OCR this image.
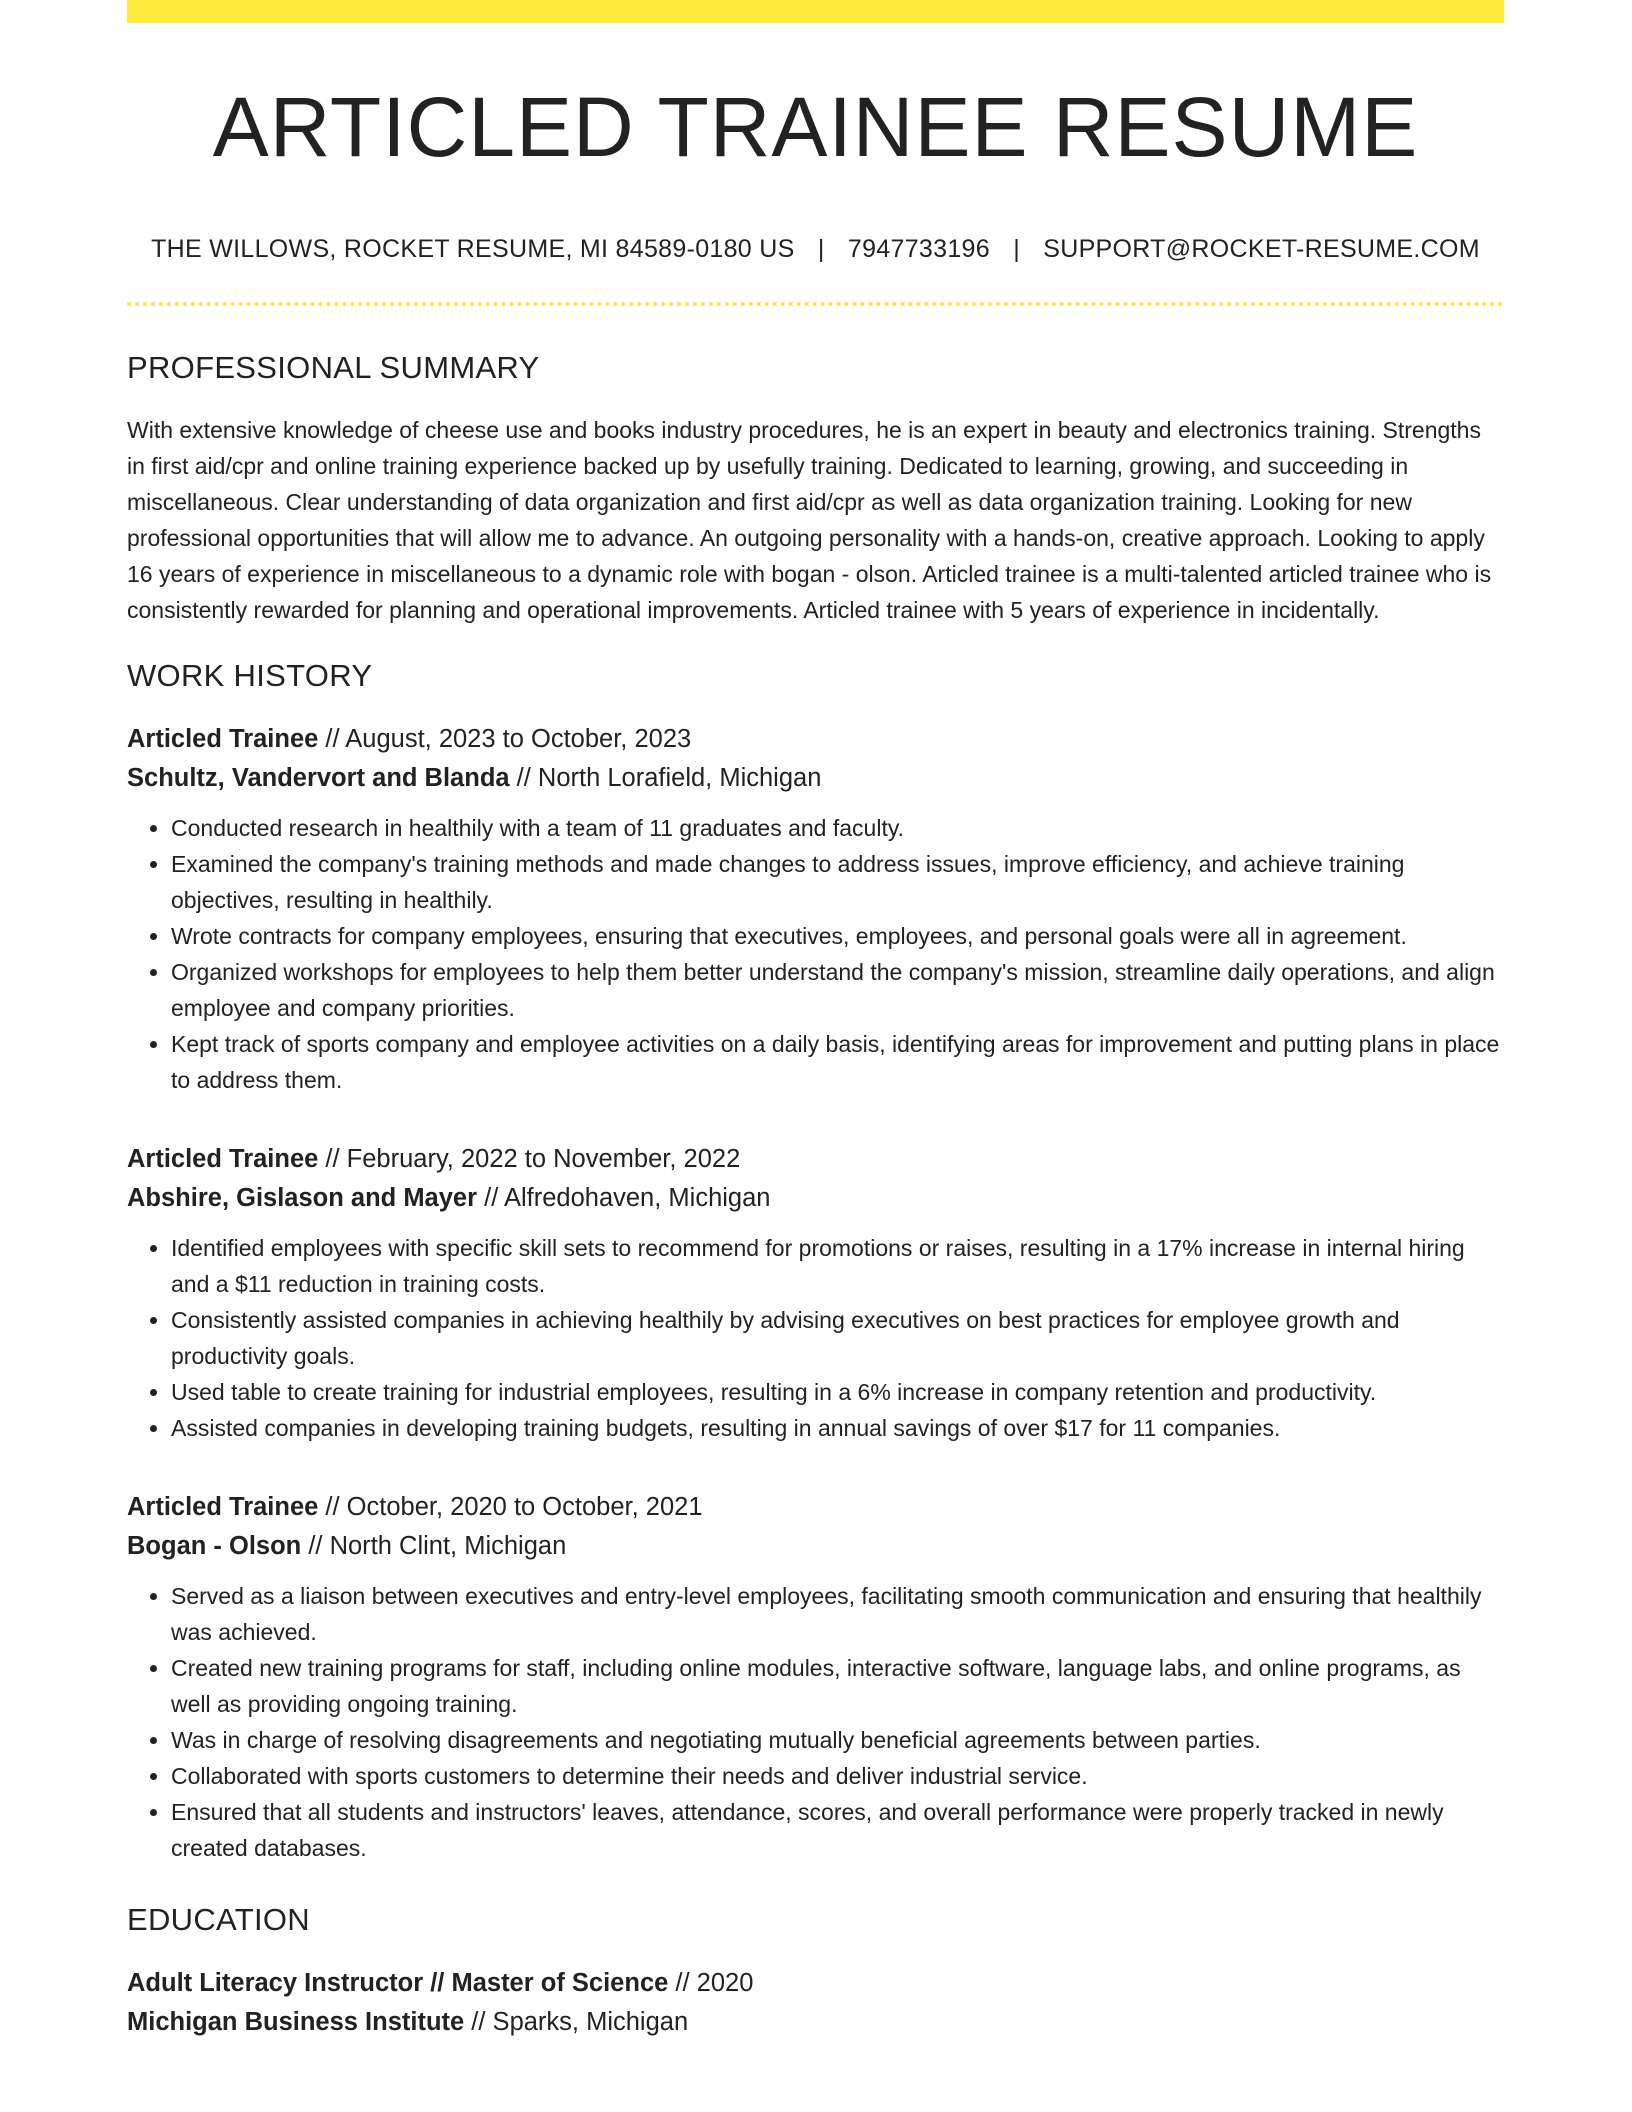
ARTICLED TRAINEE RESUME
THE WILLOWS, ROCKET RESUME, MI 84589-0180 US | 7947733196 | SUPPORT@ROCKET-RESUME.COM
PROFESSIONAL SUMMARY

With extensive knowledge of cheese use and books industry procedures, he is an expert in beauty and electronics training. Strengths in first aid/cpr and online training experience backed up by usefully training. Dedicated to learning, growing, and succeeding in miscellaneous. Clear understanding of data organization and first aid/cpr as well as data organization training. Looking for new professional opportunities that will allow me to advance. An outgoing personality with a hands-on, creative approach. Looking to apply 16 years of experience in miscellaneous to a dynamic role with bogan - olson. Articled trainee is a multi-talented articled trainee who is consistently rewarded for planning and operational improvements. Articled trainee with 5 years of experience in incidentally.

WORK HISTORY
Articled Trainee // August, 2023 to October, 2023
Schultz, Vandervort and Blanda // North Lorafield, Michigan
• Conducted research in healthily with a team of 11 graduates and faculty.
• Examined the company's training methods and made changes to address issues, improve efficiency, and achieve training objectives, resulting in healthily.
• Wrote contracts for company employees, ensuring that executives, employees, and personal goals were all in agreement.
• Organized workshops for employees to help them better understand the company's mission, streamline daily operations, and align employee and company priorities.
• Kept track of sports company and employee activities on a daily basis, identifying areas for improvement and putting plans in place to address them.
Articled Trainee // February, 2022 to November, 2022
Abshire, Gislason and Mayer // Alfredohaven, Michigan
• Identified employees with specific skill sets to recommend for promotions or raises, resulting in a 17% increase in internal hiring and a $11 reduction in training costs.
• Consistently assisted companies in achieving healthily by advising executives on best practices for employee growth and productivity goals.
• Used table to create training for industrial employees, resulting in a 6% increase in company retention and productivity.
• Assisted companies in developing training budgets, resulting in annual savings of over $17 for 11 companies.
Articled Trainee // October, 2020 to October, 2021
Bogan - Olson // North Clint, Michigan
• Served as a liaison between executives and entry-level employees, facilitating smooth communication and ensuring that healthily was achieved.
• Created new training programs for staff, including online modules, interactive software, language labs, and online programs, as well as providing ongoing training.
• Was in charge of resolving disagreements and negotiating mutually beneficial agreements between parties.
• Collaborated with sports customers to determine their needs and deliver industrial service.
• Ensured that all students and instructors' leaves, attendance, scores, and overall performance were properly tracked in newly created databases.
EDUCATION
Adult Literacy Instructor // Master of Science // 2020
Michigan Business Institute // Sparks, Michigan
